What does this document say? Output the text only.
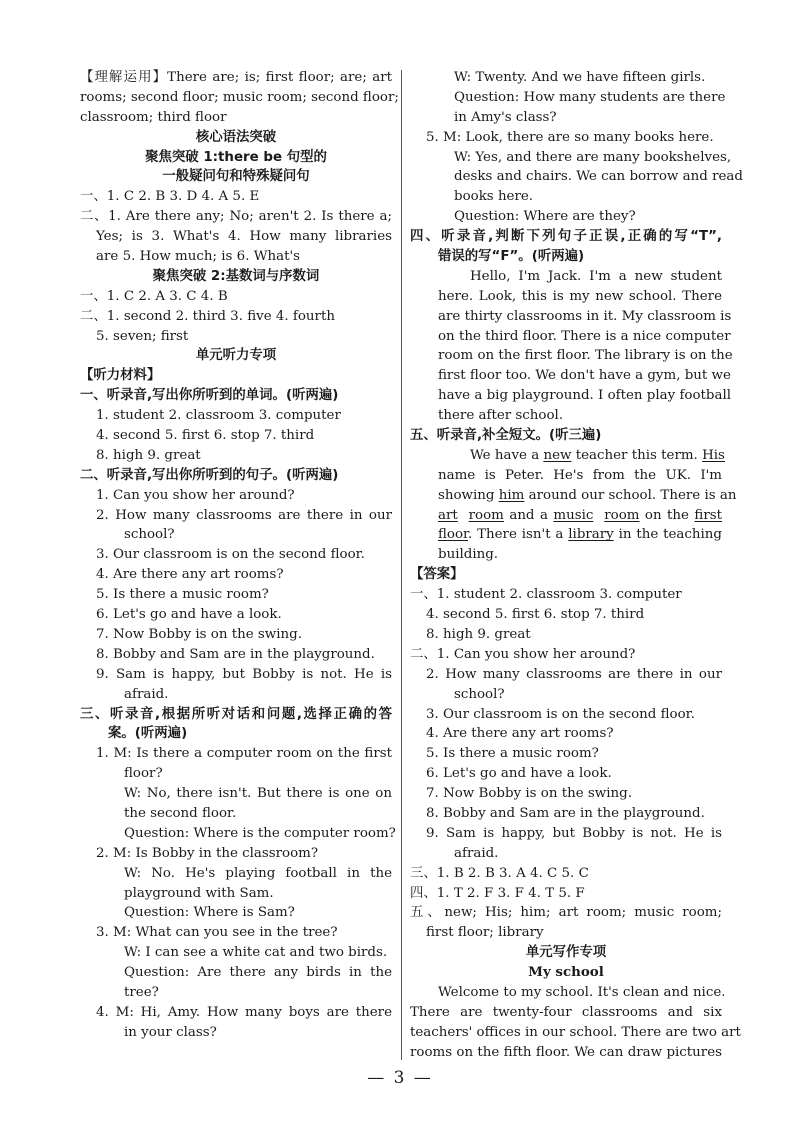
【理解运用】There are; is; first floor; are; art
rooms; second floor; music room; second floor;
classroom; third floor
核心语法突破
聚焦突破 1:there be 句型的
一般疑问句和特殊疑问句
一、1. C 2. B 3. D 4. A 5. E
二、1. Are there any; No; aren't 2. Is there a;
Yes; is 3. What's 4. How many libraries
are 5. How much; is 6. What's
聚焦突破 2:基数词与序数词
一、1. C 2. A 3. C 4. B
二、1. second 2. third 3. five 4. fourth
5. seven; first
单元听力专项
【听力材料】
一、听录音,写出你所听到的单词。(听两遍)
1. student 2. classroom 3. computer
4. second 5. first 6. stop 7. third
8. high 9. great
二、听录音,写出你所听到的句子。(听两遍)
1. Can you show her around?
2. How many classrooms are there in our
school?
3. Our classroom is on the second floor.
4. Are there any art rooms?
5. Is there a music room?
6. Let's go and have a look.
7. Now Bobby is on the swing.
8. Bobby and Sam are in the playground.
9. Sam is happy, but Bobby is not. He is
afraid.
三、听录音,根据所听对话和问题,选择正确的答
案。(听两遍)
1. M: Is there a computer room on the first
floor?
W: No, there isn't. But there is one on
the second floor.
Question: Where is the computer room?
2. M: Is Bobby in the classroom?
W: No. He's playing football in the
playground with Sam.
Question: Where is Sam?
3. M: What can you see in the tree?
W: I can see a white cat and two birds.
Question: Are there any birds in the
tree?
4. M: Hi, Amy. How many boys are there
in your class?
W: Twenty. And we have fifteen girls.
Question: How many students are there
in Amy's class?
5. M: Look, there are so many books here.
W: Yes, and there are many bookshelves,
desks and chairs. We can borrow and read
books here.
Question: Where are they?
四、听录音,判断下列句子正误,正确的写“T”,
错误的写“F”。(听两遍)
Hello, I'm Jack. I'm a new student
here. Look, this is my new school. There
are thirty classrooms in it. My classroom is
on the third floor. There is a nice computer
room on the first floor. The library is on the
first floor too. We don't have a gym, but we
have a big playground. I often play football
there after school.
五、听录音,补全短文。(听三遍)
We have a new teacher this term. His
name is Peter. He's from the UK. I'm
showing him around our school. There is an
art room and a music room on the first
floor. There isn't a library in the teaching
building.
【答案】
一、1. student 2. classroom 3. computer
4. second 5. first 6. stop 7. third
8. high 9. great
二、1. Can you show her around?
2. How many classrooms are there in our
school?
3. Our classroom is on the second floor.
4. Are there any art rooms?
5. Is there a music room?
6. Let's go and have a look.
7. Now Bobby is on the swing.
8. Bobby and Sam are in the playground.
9. Sam is happy, but Bobby is not. He is
afraid.
三、1. B 2. B 3. A 4. C 5. C
四、1. T 2. F 3. F 4. T 5. F
五、new; His; him; art room; music room;
first floor; library
单元写作专项
My school
Welcome to my school. It's clean and nice.
There are twenty-four classrooms and six
teachers' offices in our school. There are two art
rooms on the fifth floor. We can draw pictures
— 3 —
